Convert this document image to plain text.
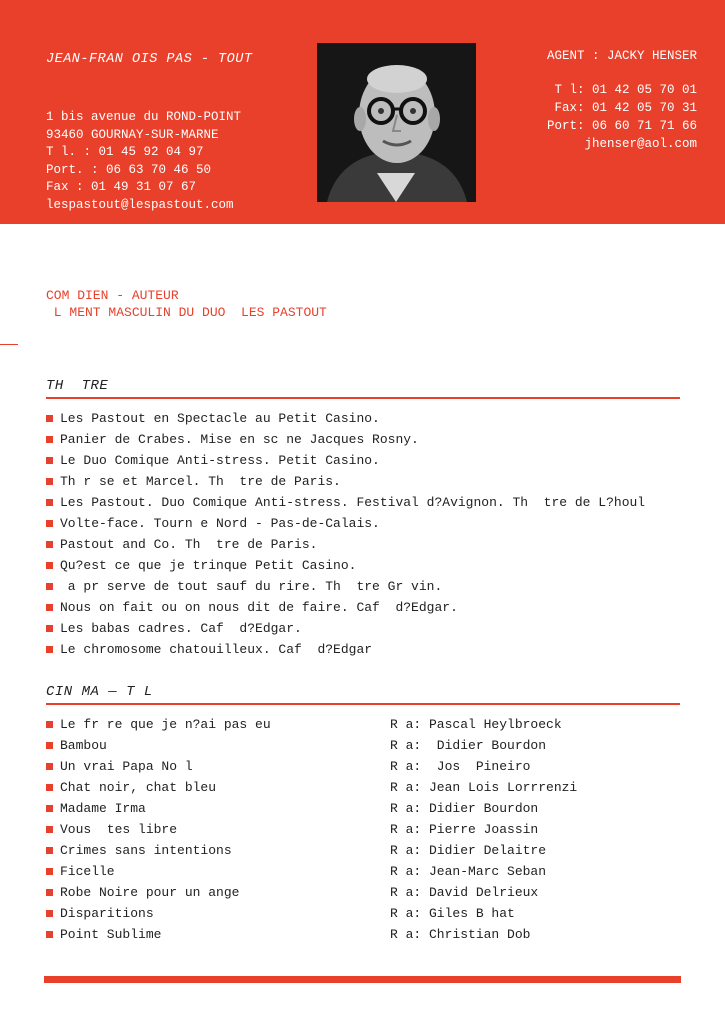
JEAN-FRAN OIS PAS - TOUT
1 bis avenue du ROND-POINT
93460 GOURNAY-SUR-MARNE
T l. : 01 45 92 04 97
Port. : 06 63 70 46 50
Fax : 01 49 31 07 67
lespastout@lespastout.com
AGENT : JACKY HENSER
T l: 01 42 05 70 01
Fax: 01 42 05 70 31
Port: 06 60 71 71 66
jhenser@aol.com
COM DIEN - AUTEUR
L MENT MASCULIN DU DUO  LES PASTOUT
TH  TRE
Les Pastout en Spectacle au Petit Casino.
Panier de Crabes. Mise en sc ne Jacques Rosny.
Le Duo Comique Anti-stress. Petit Casino.
Th r se et Marcel. Th  tre de Paris.
Les Pastout. Duo Comique Anti-stress. Festival d?Avignon. Th  tre de L?houl
Volte-face. Tourn e Nord - Pas-de-Calais.
Pastout and Co. Th  tre de Paris.
Qu?est ce que je trinque Petit Casino.
a pr serve de tout sauf du rire. Th  tre Gr vin.
Nous on fait ou on nous dit de faire. Caf  d?Edgar.
Les babas cadres. Caf  d?Edgar.
Le chromosome chatouilleux. Caf  d?Edgar
CIN MA — T L
Le fr re que je n?ai pas eu	R a: Pascal Heylbroeck
Bambou	R a:  Didier Bourdon
Un vrai Papa No l	R a:  Jos  Pineiro
Chat noir, chat bleu	R a: Jean Lois Lorrrenzi
Madame Irma	R a: Didier Bourdon
Vous  tes libre	R a: Pierre Joassin
Crimes sans intentions	R a: Didier Delaitre
Ficelle	R a: Jean-Marc Seban
Robe Noire pour un ange	R a: David Delrieux
Disparitions	R a: Giles B hat
Point Sublime	R a: Christian Dob
